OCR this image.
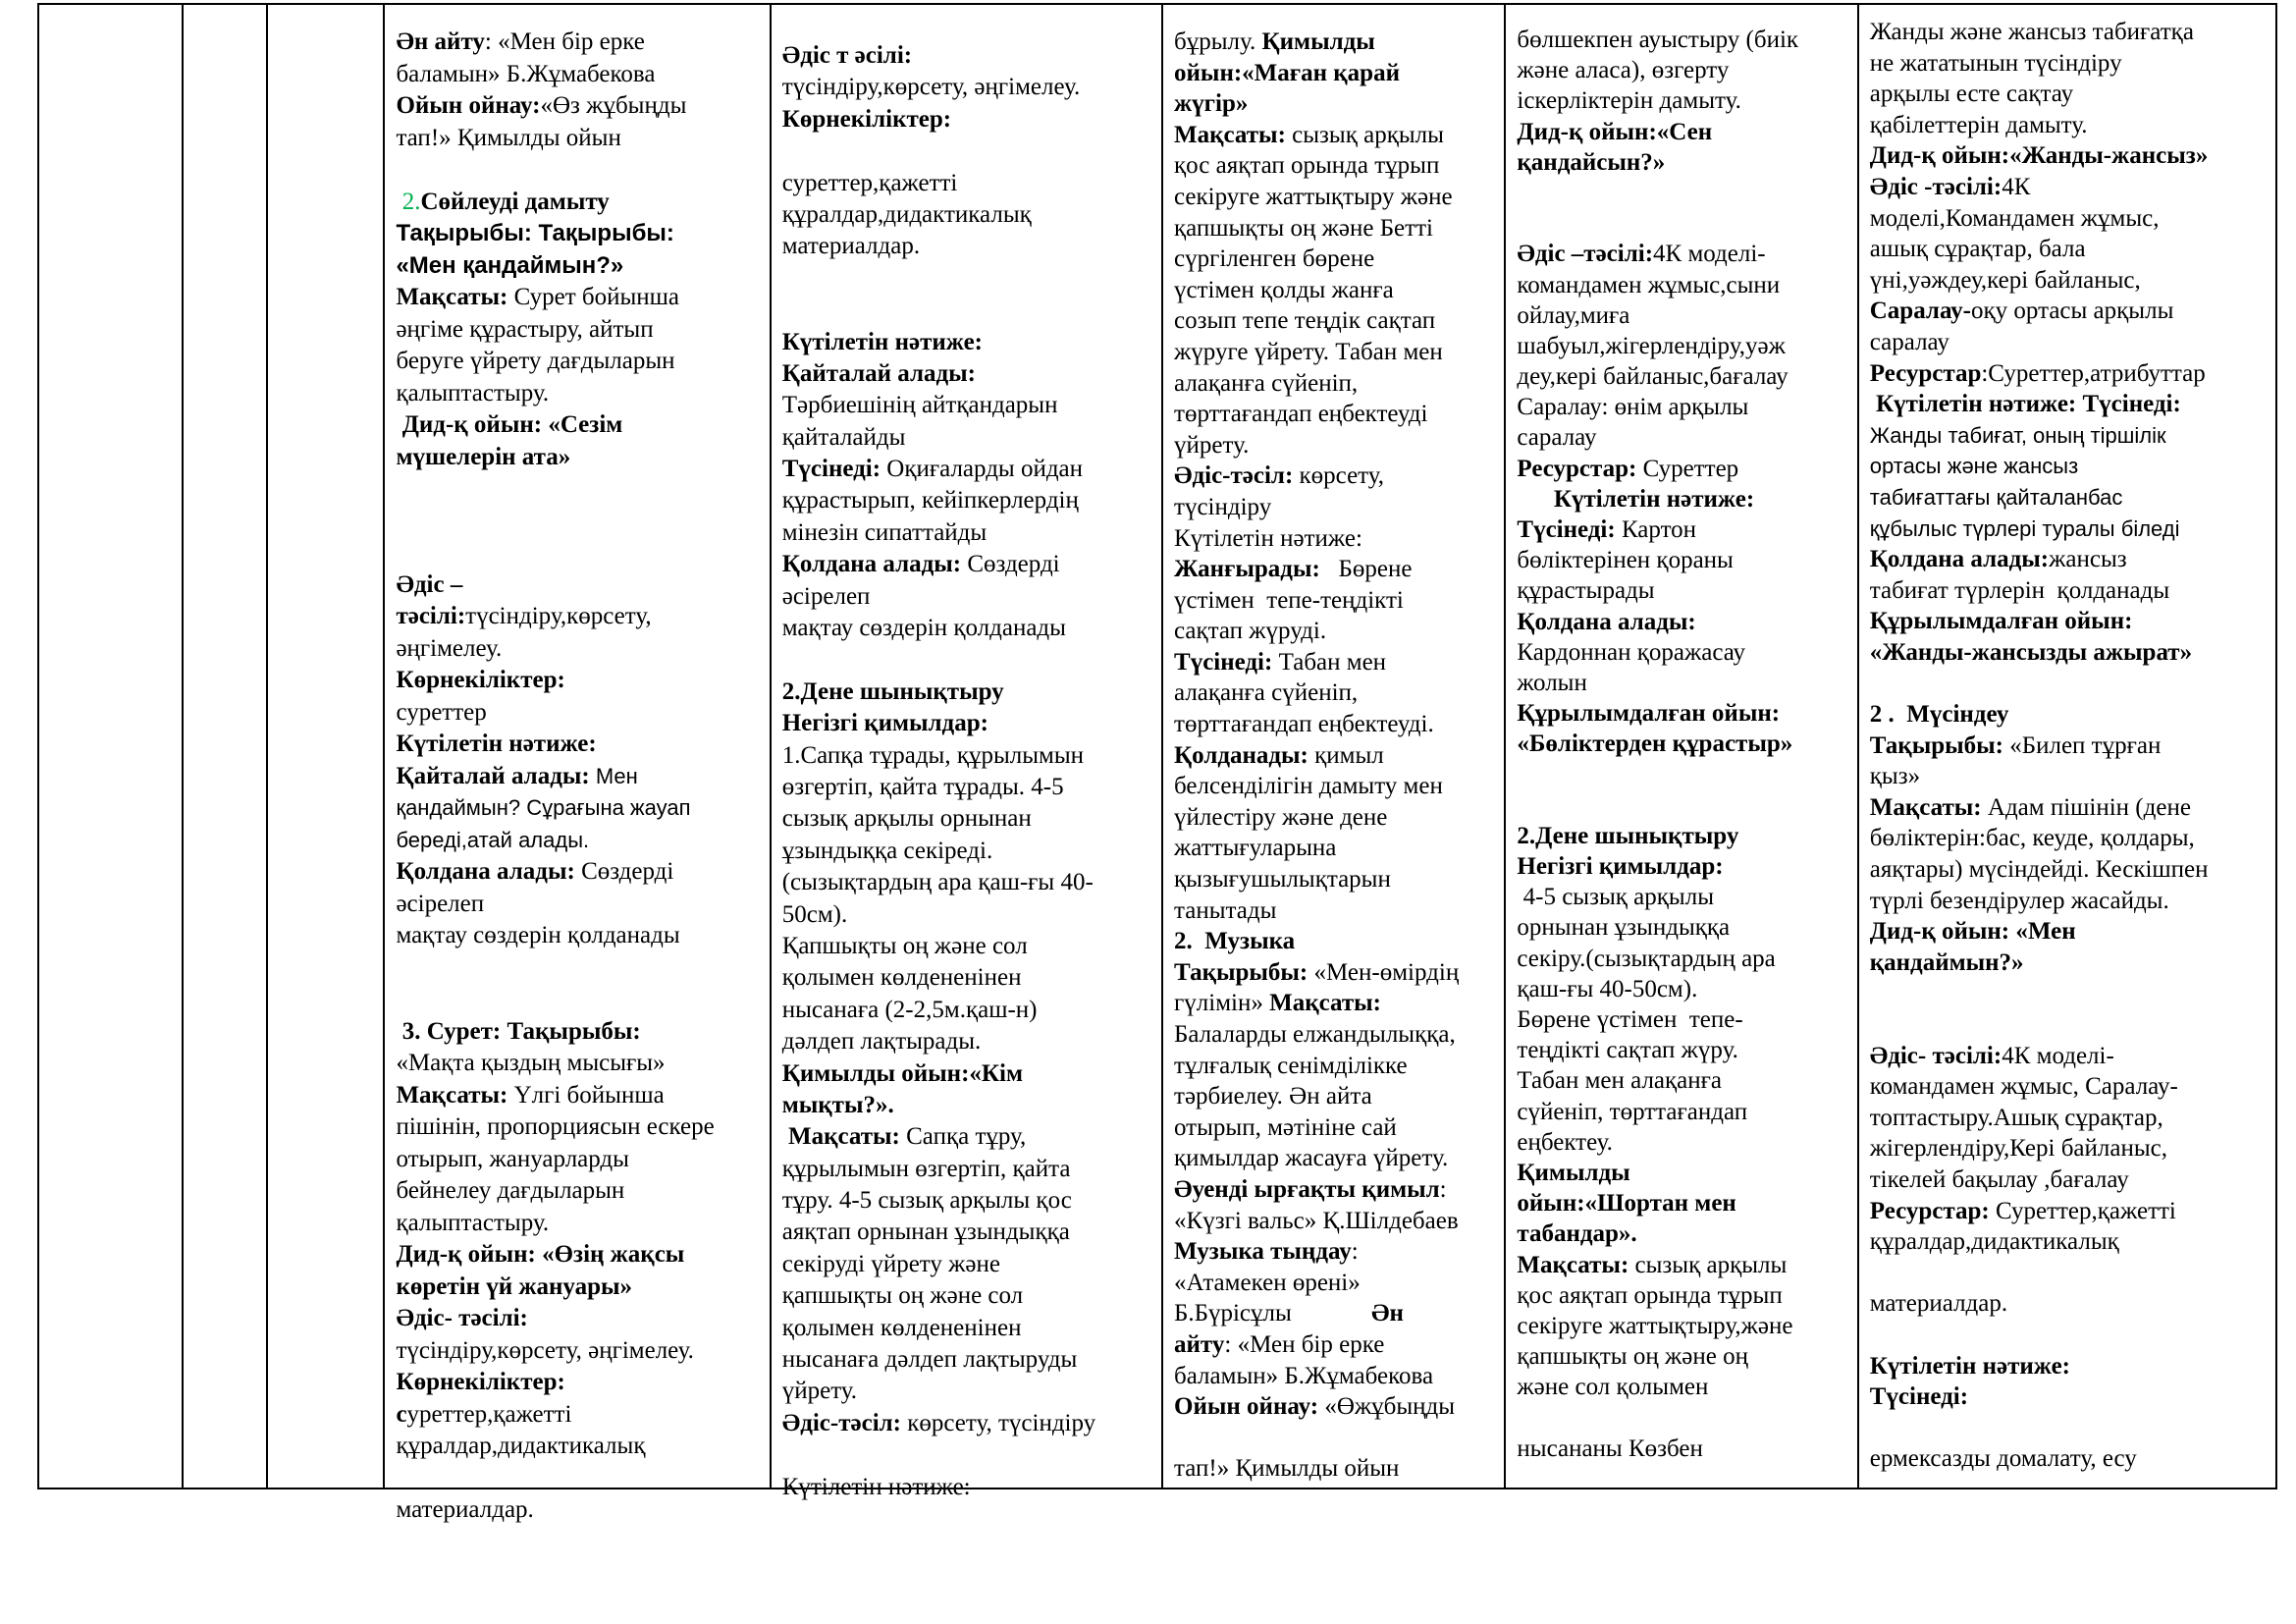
Ән айту: «Мен бір ерке
баламын» Б.Жұмабекова
Ойын ойнау:«Өз жұбыңды
тап!» Қимылды ойын

2.Сөйлеуді дамыту
Тақырыбы: Тақырыбы:
«Мен қандаймын?»
Мақсаты: Сурет бойынша
әңгіме құрастыру, айтып
беруге үйрету дағдыларын
қалыптастыру.
Дид-қ ойын: «Сезім
мүшелерін ата»

Әдіс –
тәсілі:түсіндіру,көрсету,
әңгімелеу.
Көрнекіліктер:
суреттер
Күтілетін нәтиже:
Қайталай алады: Мен
қандаймын? Сұрағына жауап
береді,атай алады.
Қолдана алады: Сөздерді
әсірелеп
мақтау сөздерін қолданады

3. Сурет: Тақырыбы:
«Мақта қыздың мысығы»
Мақсаты: Үлгі бойынша
пішінін, пропорциясын ескере
отырып, жануарларды
бейнелеу дағдыларын
қалыптастыру.
Дид-қ ойын: «Өзің жақсы
көретін үй жануары»
Әдіс- тәсілі:
түсіндіру,көрсету, әңгімелеу.
Көрнекіліктер:
суреттер,қажетті
құралдар,дидактикалық

материалдар.
Әдіс т әсілі:
түсіндіру,көрсету, әңгімелеу.
Көрнекіліктер:

суреттер,қажетті
құралдар,дидактикалық
материалдар.

Күтілетін нәтиже:
Қайталай алады:
Тәрбиешінің айтқандарын
қайталайды
Түсінеді: Оқиғаларды ойдан
құрастырып, кейіпкерлердің
мінезін сипаттайды
Қолдана алады: Сөздерді
әсірелеп
мақтау сөздерін қолданады

2.Дене шынықтыру
Негізгі қимылдар:
1.Сапқа тұрады, құрылымын
өзгертіп, қайта тұрады. 4-5
сызық арқылы орнынан
ұзындыққа секіреді.
(сызықтардың ара қаш-ғы 40-
50см).
Қапшықты оң және сол
қолымен көлдененінен
нысанаға (2-2,5м.қаш-н)
дәлдеп лақтырады.
Қимылды ойын:«Кім
мықты?».
Мақсаты: Сапқа тұру,
құрылымын өзгертіп, қайта
тұру. 4-5 сызық арқылы қос
аяқтап орнынан ұзындыққа
секіруді үйрету және
қапшықты оң және сол
қолымен көлдененінен
нысанаға дәлдеп лақтыруды
үйрету.
Әдіс-тәсіл: көрсету, түсіндіру

Күтілетін нәтиже:
бұрылу. Қимылды
ойын:«Маған қарай
жүгір»
Мақсаты: сызық арқылы
қос аяқтап орында тұрып
секіруге жаттықтыру және
қапшықты оң және Бетті
сүргіленген бөрене
үстімен қолды жанға
созып тепе теңдік сақтап
жүруге үйрету. Табан мен
алақанға сүйеніп,
төрттағандап еңбектеуді
үйрету.
Әдіс-тәсіл: көрсету,
түсіндіру
Күтілетін нәтиже:
Жанғырады:   Бөрене
үстімен  тепе-теңдікті
сақтап жүруді.
Түсінеді: Табан мен
алақанға сүйеніп,
төрттағандап еңбектеуді.
Қолданады: қимыл
белсенділігін дамыту мен
үйлестіру және дене
жаттығуларына
қызығушылықтарын
танытады
2.  Музыка
Тақырыбы: «Мен-өмірдің
гүлімін» Мақсаты:
Балаларды елжандылыққа,
тұлғалық сенімділікке
тәрбиелеу. Ән айта
отырып, мәтініне сай
қимылдар жасауға үйрету.
Әуенді ырғақты қимыл:
«Күзгі вальс» Қ.Шілдебаев
Музыка тыңдау:
«Атамекен өрені»
Б.Бүрісұлы             Ән
айту: «Мен бір ерке
баламын» Б.Жұмабекова
Ойын ойнау: «Өжұбыңды

тап!» Қимылды ойын
бөлшекпен ауыстыру (биік
және аласа), өзгерту
іскерліктерін дамыту.
Дид-қ ойын:«Сен
қандайсын?»

Әдіс –тәсілі:4К моделі-
командамен жұмыс,сыни
ойлау,миға
шабуыл,жігерлендіру,уәж
деу,кері байланыс,бағалау
Саралау: өнім арқылы
саралау
Ресурстар: Суреттер
Күтілетін нәтиже:
Түсінеді: Картон
бөліктерінен қораны
құрастырады
Қолдана алады:
Кардоннан қоражасау
жолын
Құрылымдалған ойын:
«Бөліктерден құрастыр»

2.Дене шынықтыру
Негізгі қимылдар:
4-5 сызық арқылы
орнынан ұзындыққа
секіру.(сызықтардың ара
қаш-ғы 40-50см).
Бөрене үстімен  тепе-
теңдікті сақтап жүру.
Табан мен алақанға
сүйеніп, төрттағандап
еңбектеу.
Қимылды
ойын:«Шортан мен
табандар».
Мақсаты: сызық арқылы
қос аяқтап орында тұрып
секіруге жаттықтыру,және
қапшықты оң және оң
және сол қолымен

нысананы Көзбен
Жанды және жансыз табиғатқа
не жататынын түсіндіру
арқылы есте сақтау
қабілеттерін дамыту.
Дид-қ ойын:«Жанды-жансыз»
Әдіс -тәсілі:4К
моделі,Командамен жұмыс,
ашық сұрақтар, бала
үні,уәждеу,кері байланыс,
Саралау-оқу ортасы арқылы
саралау
Ресурстар:Суреттер,атрибуттар
Күтілетін нәтиже: Түсінеді:
Жанды табиғат, оның тіршілік
ортасы және жансыз
табиғаттағы қайталанбас
құбылыс түрлері туралы біледі
Қолдана алады:жансыз
табиғат түрлерін  қолданады
Құрылымдалған ойын:
«Жанды-жансызды ажырат»

2 .  Мүсіндеу
Тақырыбы: «Билеп тұрған
қыз»
Мақсаты: Адам пішінін (дене
бөліктерін:бас, кеуде, қолдары,
аяқтары) мүсіндейді. Кескішпен
түрлі безендірулер жасайды.
Дид-қ ойын: «Мен
қандаймын?»

Әдіс- тәсілі:4К моделі-
командамен жұмыс, Саралау-
топтастыру.Ашық сұрақтар,
жігерлендіру,Кері байланыс,
тікелей бақылау ,бағалау
Ресурстар: Суреттер,қажетті
құралдар,дидактикалық

материалдар.

Күтілетін нәтиже:
Түсінеді:

ермексазды домалату, есу
